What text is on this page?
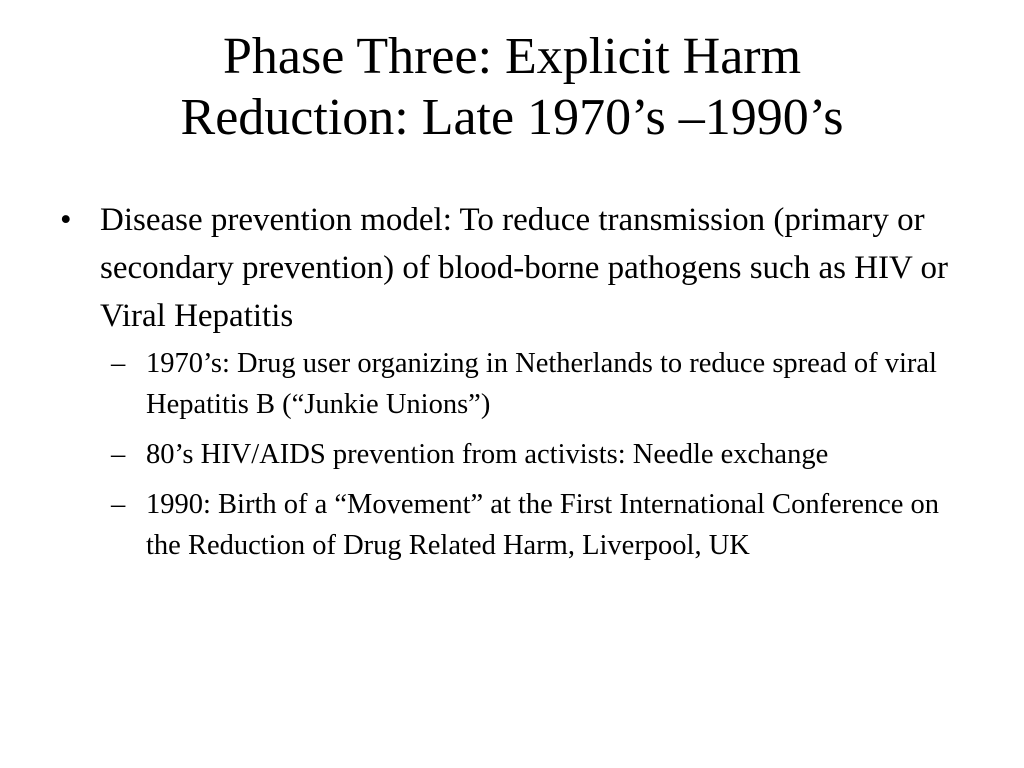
Phase Three: Explicit Harm
Reduction: Late 1970’s –1990’s
• Disease prevention model: To reduce transmission (primary or secondary prevention) of blood-borne pathogens such as HIV or Viral Hepatitis
– 1970’s: Drug user organizing in Netherlands to reduce spread of viral Hepatitis B (“Junkie Unions”)
– 80’s HIV/AIDS prevention from activists: Needle exchange
– 1990: Birth of a “Movement” at the First International Conference on the Reduction of Drug Related Harm, Liverpool, UK
